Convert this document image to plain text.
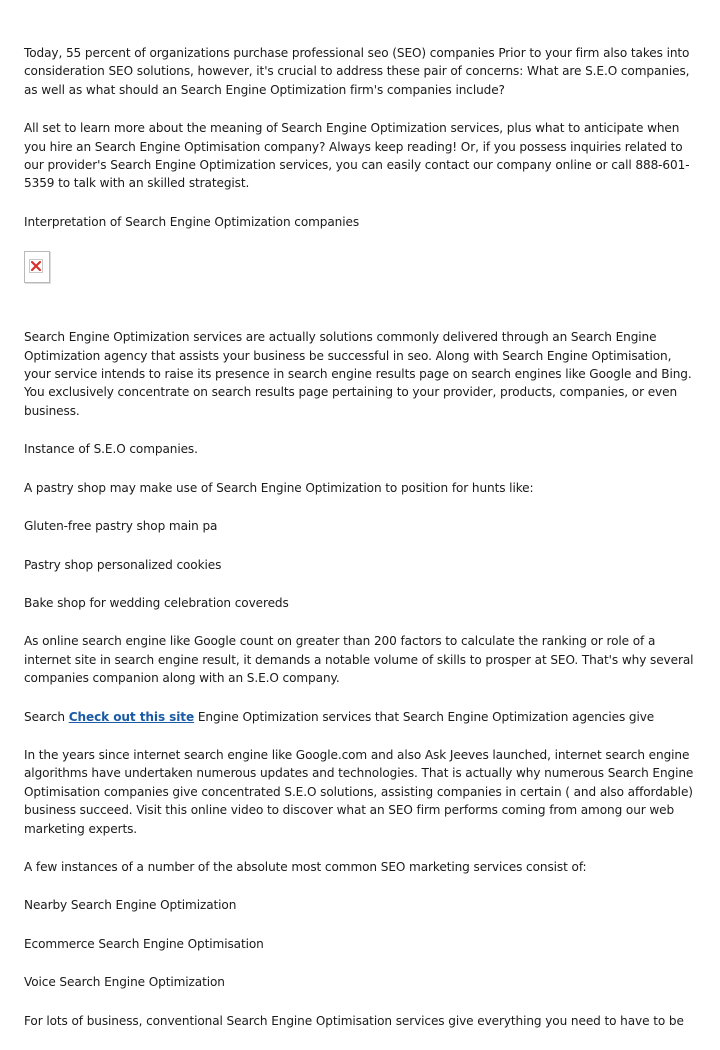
Today, 55 percent of organizations purchase professional seo (SEO) companies Prior to your firm also takes into consideration SEO solutions, however, it's crucial to address these pair of concerns: What are S.E.O companies, as well as what should an Search Engine Optimization firm's companies include?

All set to learn more about the meaning of Search Engine Optimization services, plus what to anticipate when you hire an Search Engine Optimisation company? Always keep reading! Or, if you possess inquiries related to our provider's Search Engine Optimization services, you can easily contact our company online or call 888-601-5359 to talk with an skilled strategist.

Interpretation of Search Engine Optimization companies

Search Engine Optimization services are actually solutions commonly delivered through an Search Engine Optimization agency that assists your business be successful in seo. Along with Search Engine Optimisation, your service intends to raise its presence in search engine results page on search engines like Google and Bing. You exclusively concentrate on search results page pertaining to your provider, products, companies, or even business.

Instance of S.E.O companies.

A pastry shop may make use of Search Engine Optimization to position for hunts like:

Gluten-free pastry shop main pa

Pastry shop personalized cookies

Bake shop for wedding celebration covereds

As online search engine like Google count on greater than 200 factors to calculate the ranking or role of a internet site in search engine result, it demands a notable volume of skills to prosper at SEO. That's why several companies companion along with an S.E.O company.

Search Check out this site Engine Optimization services that Search Engine Optimization agencies give

In the years since internet search engine like Google.com and also Ask Jeeves launched, internet search engine algorithms have undertaken numerous updates and technologies. That is actually why numerous Search Engine Optimisation companies give concentrated S.E.O solutions, assisting companies in certain ( and also affordable) business succeed. Visit this online video to discover what an SEO firm performs coming from among our web marketing experts.

A few instances of a number of the absolute most common SEO marketing services consist of:

Nearby Search Engine Optimization

Ecommerce Search Engine Optimisation

Voice Search Engine Optimization

For lots of business, conventional Search Engine Optimisation services give everything you need to have to be
